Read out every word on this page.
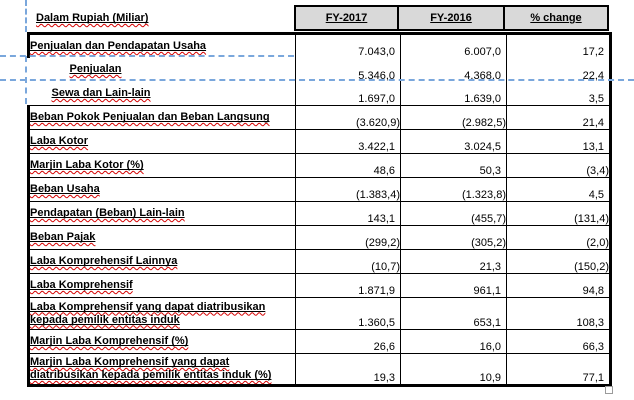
Dalam Rupiah (Miliar)	FY-2017	FY-2016	% change
Penjualan dan Pendapatan Usaha	7.043,0	6.007,0	17,2
Penjualan	5.346,0	4.368,0	22,4
Sewa dan Lain-lain	1.697,0	1.639,0	3,5
Beban Pokok Penjualan dan Beban Langsung	(3.620,9)	(2.982,5)	21,4
Laba Kotor	3.422,1	3.024,5	13,1
Marjin Laba Kotor (%)	48,6	50,3	(3,4)
Beban Usaha	(1.383,4)	(1.323,8)	4,5
Pendapatan (Beban) Lain-lain	143,1	(455,7)	(131,4)
Beban Pajak	(299,2)	(305,2)	(2,0)
Laba Komprehensif Lainnya	(10,7)	21,3	(150,2)
Laba Komprehensif	1.871,9	961,1	94,8
Laba Komprehensif yang dapat diatribusikan kepada pemilik entitas induk	1.360,5	653,1	108,3
Marjin Laba Komprehensif (%)	26,6	16,0	66,3
Marjin Laba Komprehensif yang dapat diatribusikan kepada pemilik entitas induk (%)	19,3	10,9	77,1
